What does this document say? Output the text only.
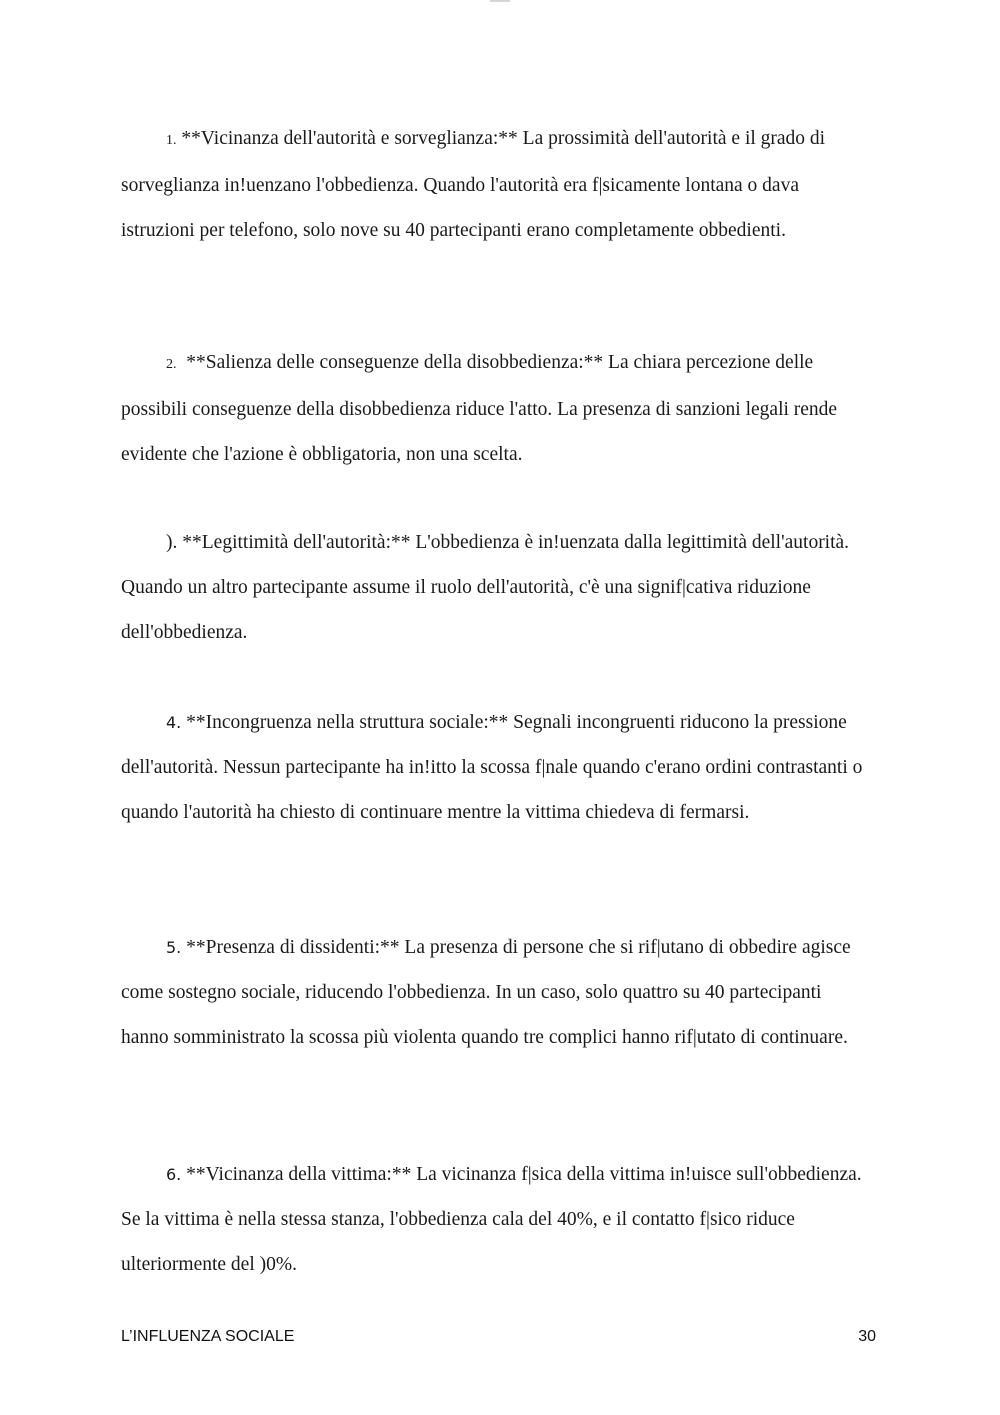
1. **Vicinanza dell'autorità e sorveglianza:** La prossimità dell'autorità e il grado di sorveglianza in!uenzano l'obbedienza. Quando l'autorità era f|sicamente lontana o dava istruzioni per telefono, solo nove su 40 partecipanti erano completamente obbedienti.

2. **Salienza delle conseguenze della disobbedienza:** La chiara percezione delle possibili conseguenze della disobbedienza riduce l'atto. La presenza di sanzioni legali rende evidente che l'azione è obbligatoria, non una scelta.

). **Legittimità dell'autorità:** L'obbedienza è in!uenzata dalla legittimità dell'autorità. Quando un altro partecipante assume il ruolo dell'autorità, c'è una signif|cativa riduzione dell'obbedienza.

4. **Incongruenza nella struttura sociale:** Segnali incongruenti riducono la pressione dell'autorità. Nessun partecipante ha in!itto la scossa f|nale quando c'erano ordini contrastanti o quando l'autorità ha chiesto di continuare mentre la vittima chiedeva di fermarsi.

5. **Presenza di dissidenti:** La presenza di persone che si rif|utano di obbedire agisce come sostegno sociale, riducendo l'obbedienza. In un caso, solo quattro su 40 partecipanti hanno somministrato la scossa più violenta quando tre complici hanno rif|utato di continuare.

6. **Vicinanza della vittima:** La vicinanza f|sica della vittima in!uisce sull'obbedienza. Se la vittima è nella stessa stanza, l'obbedienza cala del 40%, e il contatto f|sico riduce ulteriormente del )0%.

L’INFLUENZA SOCIALE	30
